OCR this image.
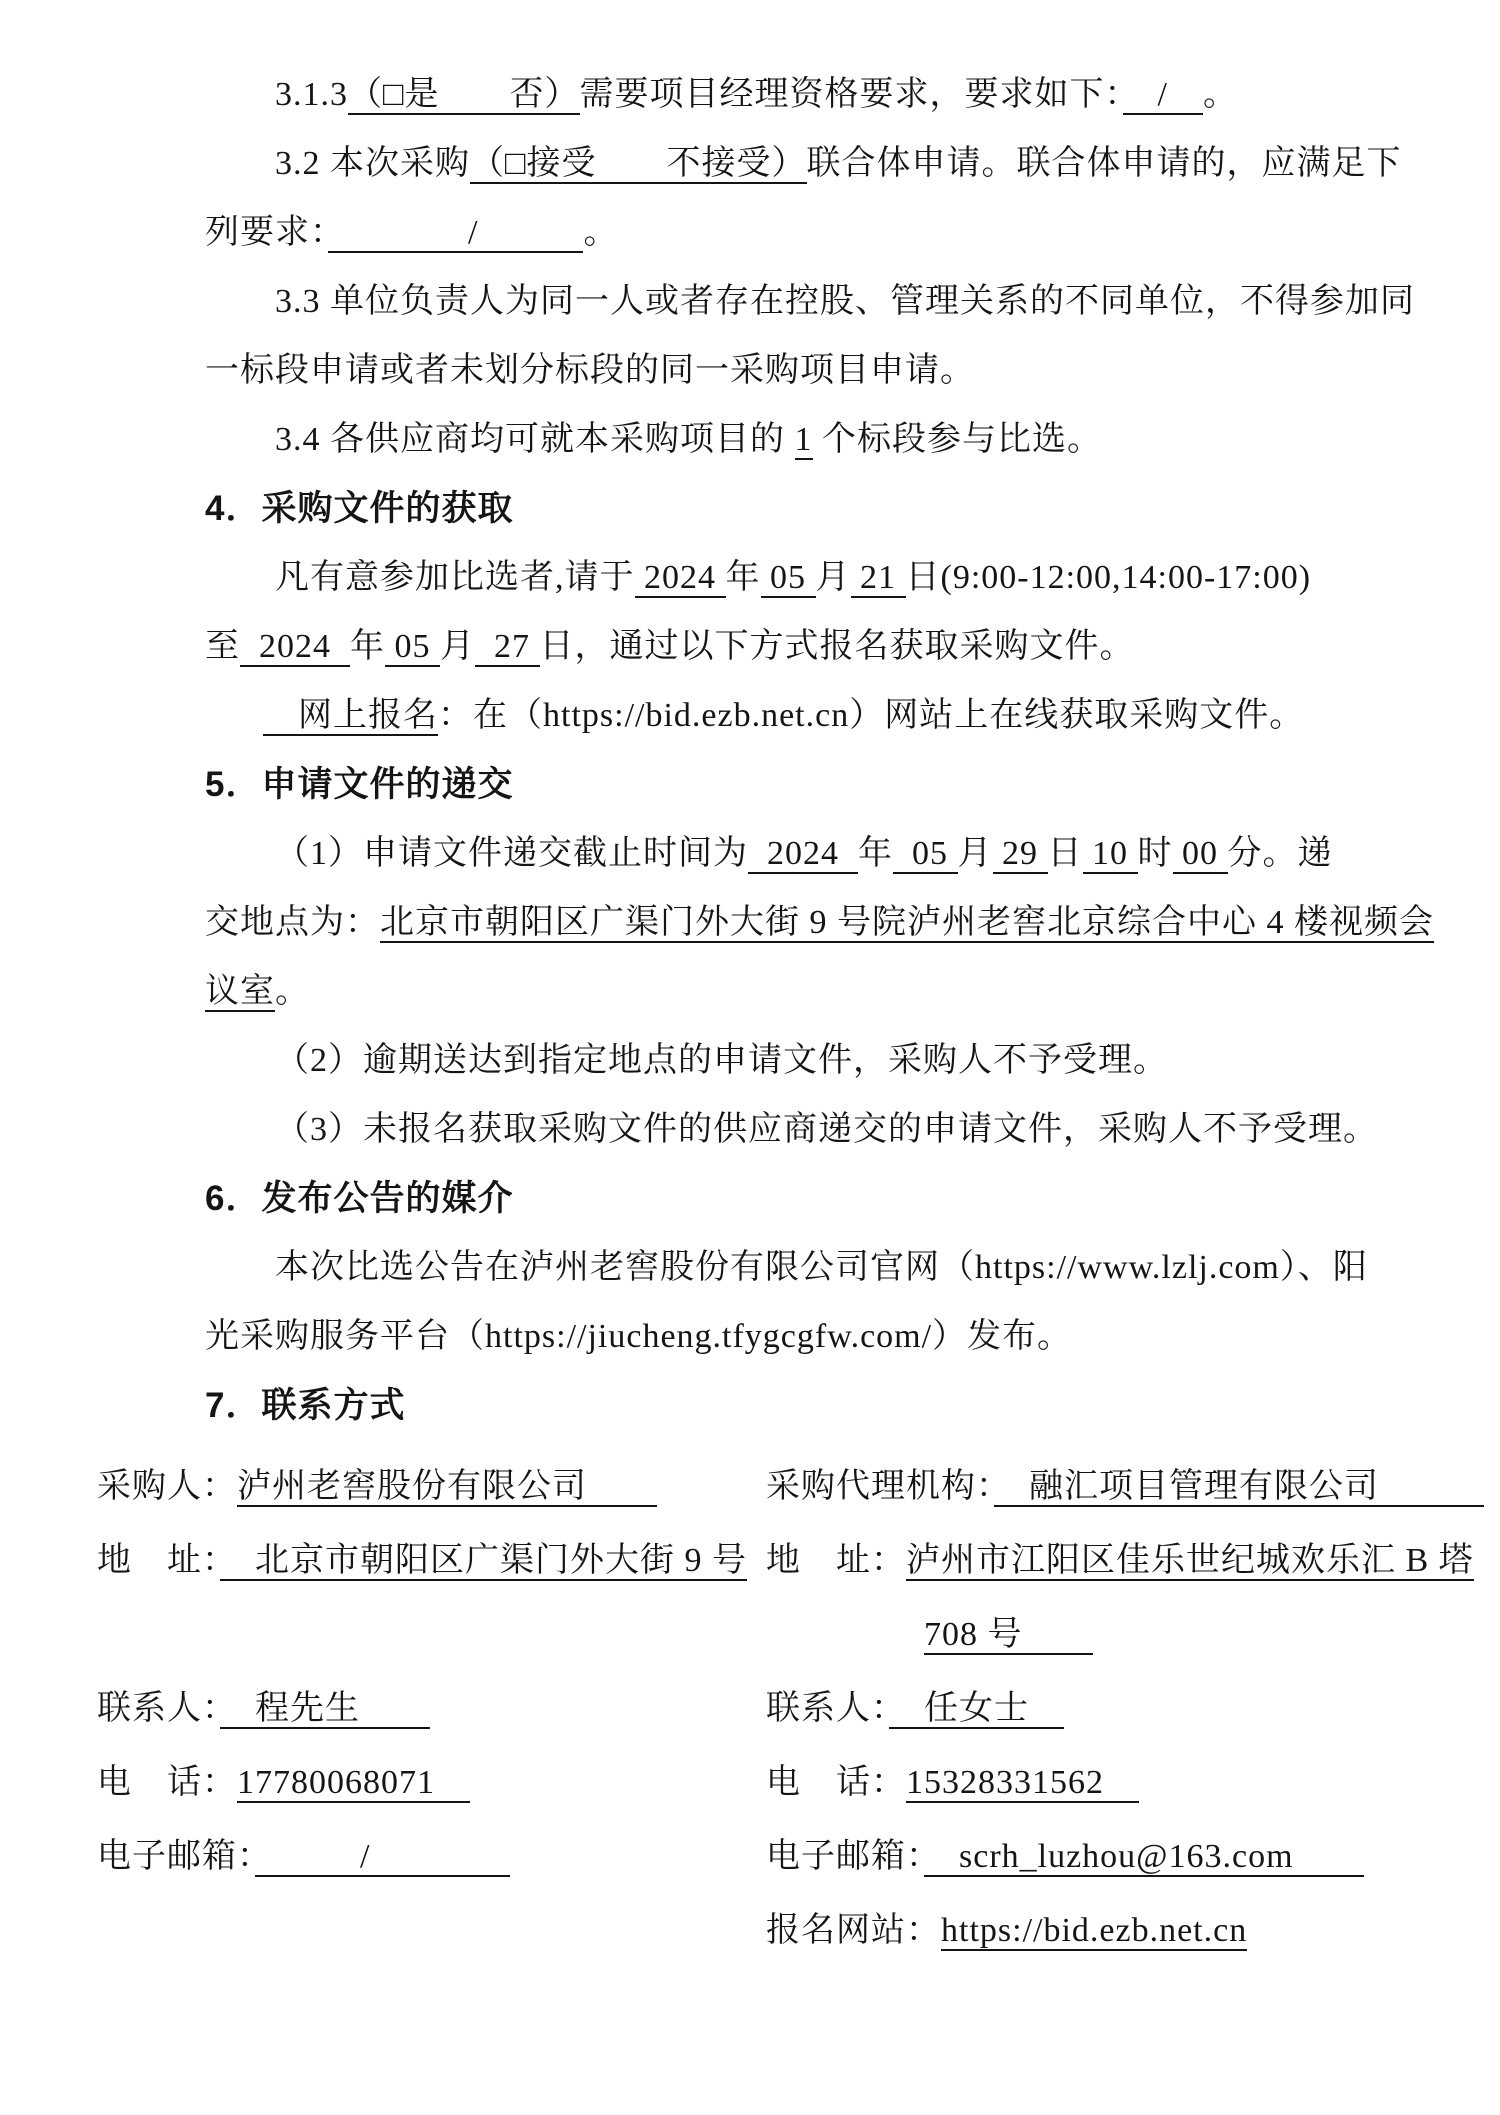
3.1.3（□是　　否）需要项目经理资格要求，要求如下：　/　。

3.2 本次采购（□接受　　不接受）联合体申请。联合体申请的，应满足下

列要求：　　　　/　　　。

3.3 单位负责人为同一人或者存在控股、管理关系的不同单位，不得参加同

一标段申请或者未划分标段的同一采购项目申请。

3.4 各供应商均可就本采购项目的 1 个标段参与比选。

4．采购文件的获取

凡有意参加比选者,请于 2024 年 05 月 21 日(9:00-12:00,14:00-17:00)

至  2024  年 05 月  27 日，通过以下方式报名获取采购文件。

　网上报名：在（https://bid.ezb.net.cn）网站上在线获取采购文件。

5．申请文件的递交

（1）申请文件递交截止时间为  2024  年  05 月 29 日 10 时 00 分。递

交地点为：北京市朝阳区广渠门外大街 9 号院泸州老窖北京综合中心 4 楼视频会

议室。

（2）逾期送达到指定地点的申请文件，采购人不予受理。

（3）未报名获取采购文件的供应商递交的申请文件，采购人不予受理。

6．发布公告的媒介

本次比选公告在泸州老窖股份有限公司官网（https://www.lzlj.com）、阳

光采购服务平台（https://jiucheng.tfygcgfw.com/）发布。

7．联系方式

采购人：泸州老窖股份有限公司　　	采购代理机构：　融汇项目管理有限公司　　　
地　址：　北京市朝阳区广渠门外大街 9 号 地　址：泸州市江阳区佳乐世纪城欢乐汇 B 塔
708 号　　
联系人：　程先生　　	联系人：　任女士　
电　话：17780068071　	电　话：15328331562　
电子邮箱：　　　/　　　　	电子邮箱：　scrh_luzhou@163.com　　
报名网站：https://bid.ezb.net.cn
